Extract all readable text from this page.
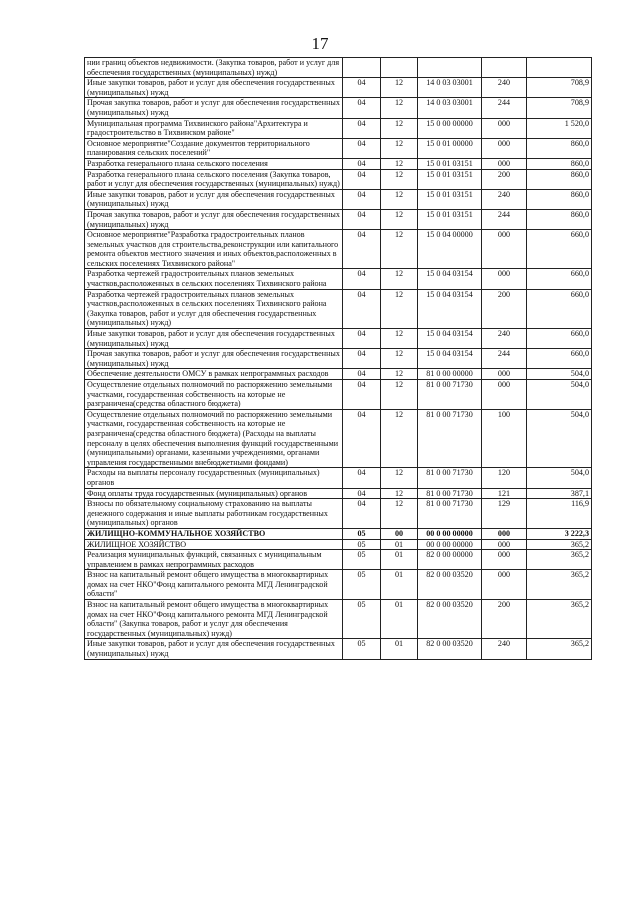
17
нии границ объектов недвижимости. (Закупка товаров, работ и услуг для обеспечения государственных (муниципальных) нужд)					
Иные закупки товаров, работ и услуг для обеспечения государственных (муниципальных) нужд	04	12	14 0 03 03001	240	708,9
Прочая закупка товаров, работ и услуг для обеспечения государственных (муниципальных) нужд	04	12	14 0 03 03001	244	708,9
Муниципальная программа Тихвинского района"Архитектура и градостроительство в Тихвинском районе"	04	12	15 0 00 00000	000	1 520,0
Основное мероприятие"Создание документов территориального планирования сельских поселений"	04	12	15 0 01 00000	000	860,0
Разработка генерального плана сельского поселения	04	12	15 0 01 03151	000	860,0
Разработка генерального плана сельского поселения (Закупка товаров, работ и услуг для обеспечения государственных (муниципальных) нужд)	04	12	15 0 01 03151	200	860,0
Иные закупки товаров, работ и услуг для обеспечения государственных (муниципальных) нужд	04	12	15 0 01 03151	240	860,0
Прочая закупка товаров, работ и услуг для обеспечения государственных (муниципальных) нужд	04	12	15 0 01 03151	244	860,0
Основное мероприятие"Разработка градостроительных планов земельных участков для строительства,реконструкции или капитального ремонта объектов местного значения и иных объектов,расположенных в сельских поселениях Тихвинского района"	04	12	15 0 04 00000	000	660,0
Разработка чертежей градостроительных планов земельных участков,расположенных в сельских поселениях Тихвинского района	04	12	15 0 04 03154	000	660,0
Разработка чертежей градостроительных планов земельных участков,расположенных в сельских поселениях Тихвинского района (Закупка товаров, работ и услуг для обеспечения государственных (муниципальных) нужд)	04	12	15 0 04 03154	200	660,0
Иные закупки товаров, работ и услуг для обеспечения государственных (муниципальных) нужд	04	12	15 0 04 03154	240	660,0
Прочая закупка товаров, работ и услуг для обеспечения государственных (муниципальных) нужд	04	12	15 0 04 03154	244	660,0
Обеспечение деятельности ОМСУ в рамках непрограммных расходов	04	12	81 0 00 00000	000	504,0
Осуществление отдельных полномочий по распоряжению земельными участками, государственная собственность на которые не разграничена(средства областного бюджета)	04	12	81 0 00 71730	000	504,0
Осуществление отдельных полномочий по распоряжению земельными участками, государственная собственность на которые не разграничена(средства областного бюджета) (Расходы на выплаты персоналу в целях обеспечения выполнения функций государственными (муниципальными) органами, казенными учреждениями, органами управления государственными внебюджетными фондами)	04	12	81 0 00 71730	100	504,0
Расходы на выплаты персоналу государственных (муниципальных) органов	04	12	81 0 00 71730	120	504,0
Фонд оплаты труда государственных (муниципальных) органов	04	12	81 0 00 71730	121	387,1
Взносы по обязательному социальному страхованию на выплаты денежного содержания и иные выплаты работникам государственных (муниципальных) органов	04	12	81 0 00 71730	129	116,9
ЖИЛИЩНО-КОММУНАЛЬНОЕ ХОЗЯЙСТВО	05	00	00 0 00 00000	000	3 222,3
ЖИЛИЩНОЕ ХОЗЯЙСТВО	05	01	00 0 00 00000	000	365,2
Реализация муниципальных функций, связанных с муниципальным управлением в рамках непрограммных расходов	05	01	82 0 00 00000	000	365,2
Взнос на капитальный ремонт общего имущества в многоквартирных домах на счет НКО"Фонд капитального ремонта МГД Ленинградской области"	05	01	82 0 00 03520	000	365,2
Взнос на капитальный ремонт общего имущества в многоквартирных домах на счет НКО"Фонд капитального ремонта МГД Ленинградской области" (Закупка товаров, работ и услуг для обеспечения государственных (муниципальных) нужд)	05	01	82 0 00 03520	200	365,2
Иные закупки товаров, работ и услуг для обеспечения государственных (муниципальных) нужд	05	01	82 0 00 03520	240	365,2
